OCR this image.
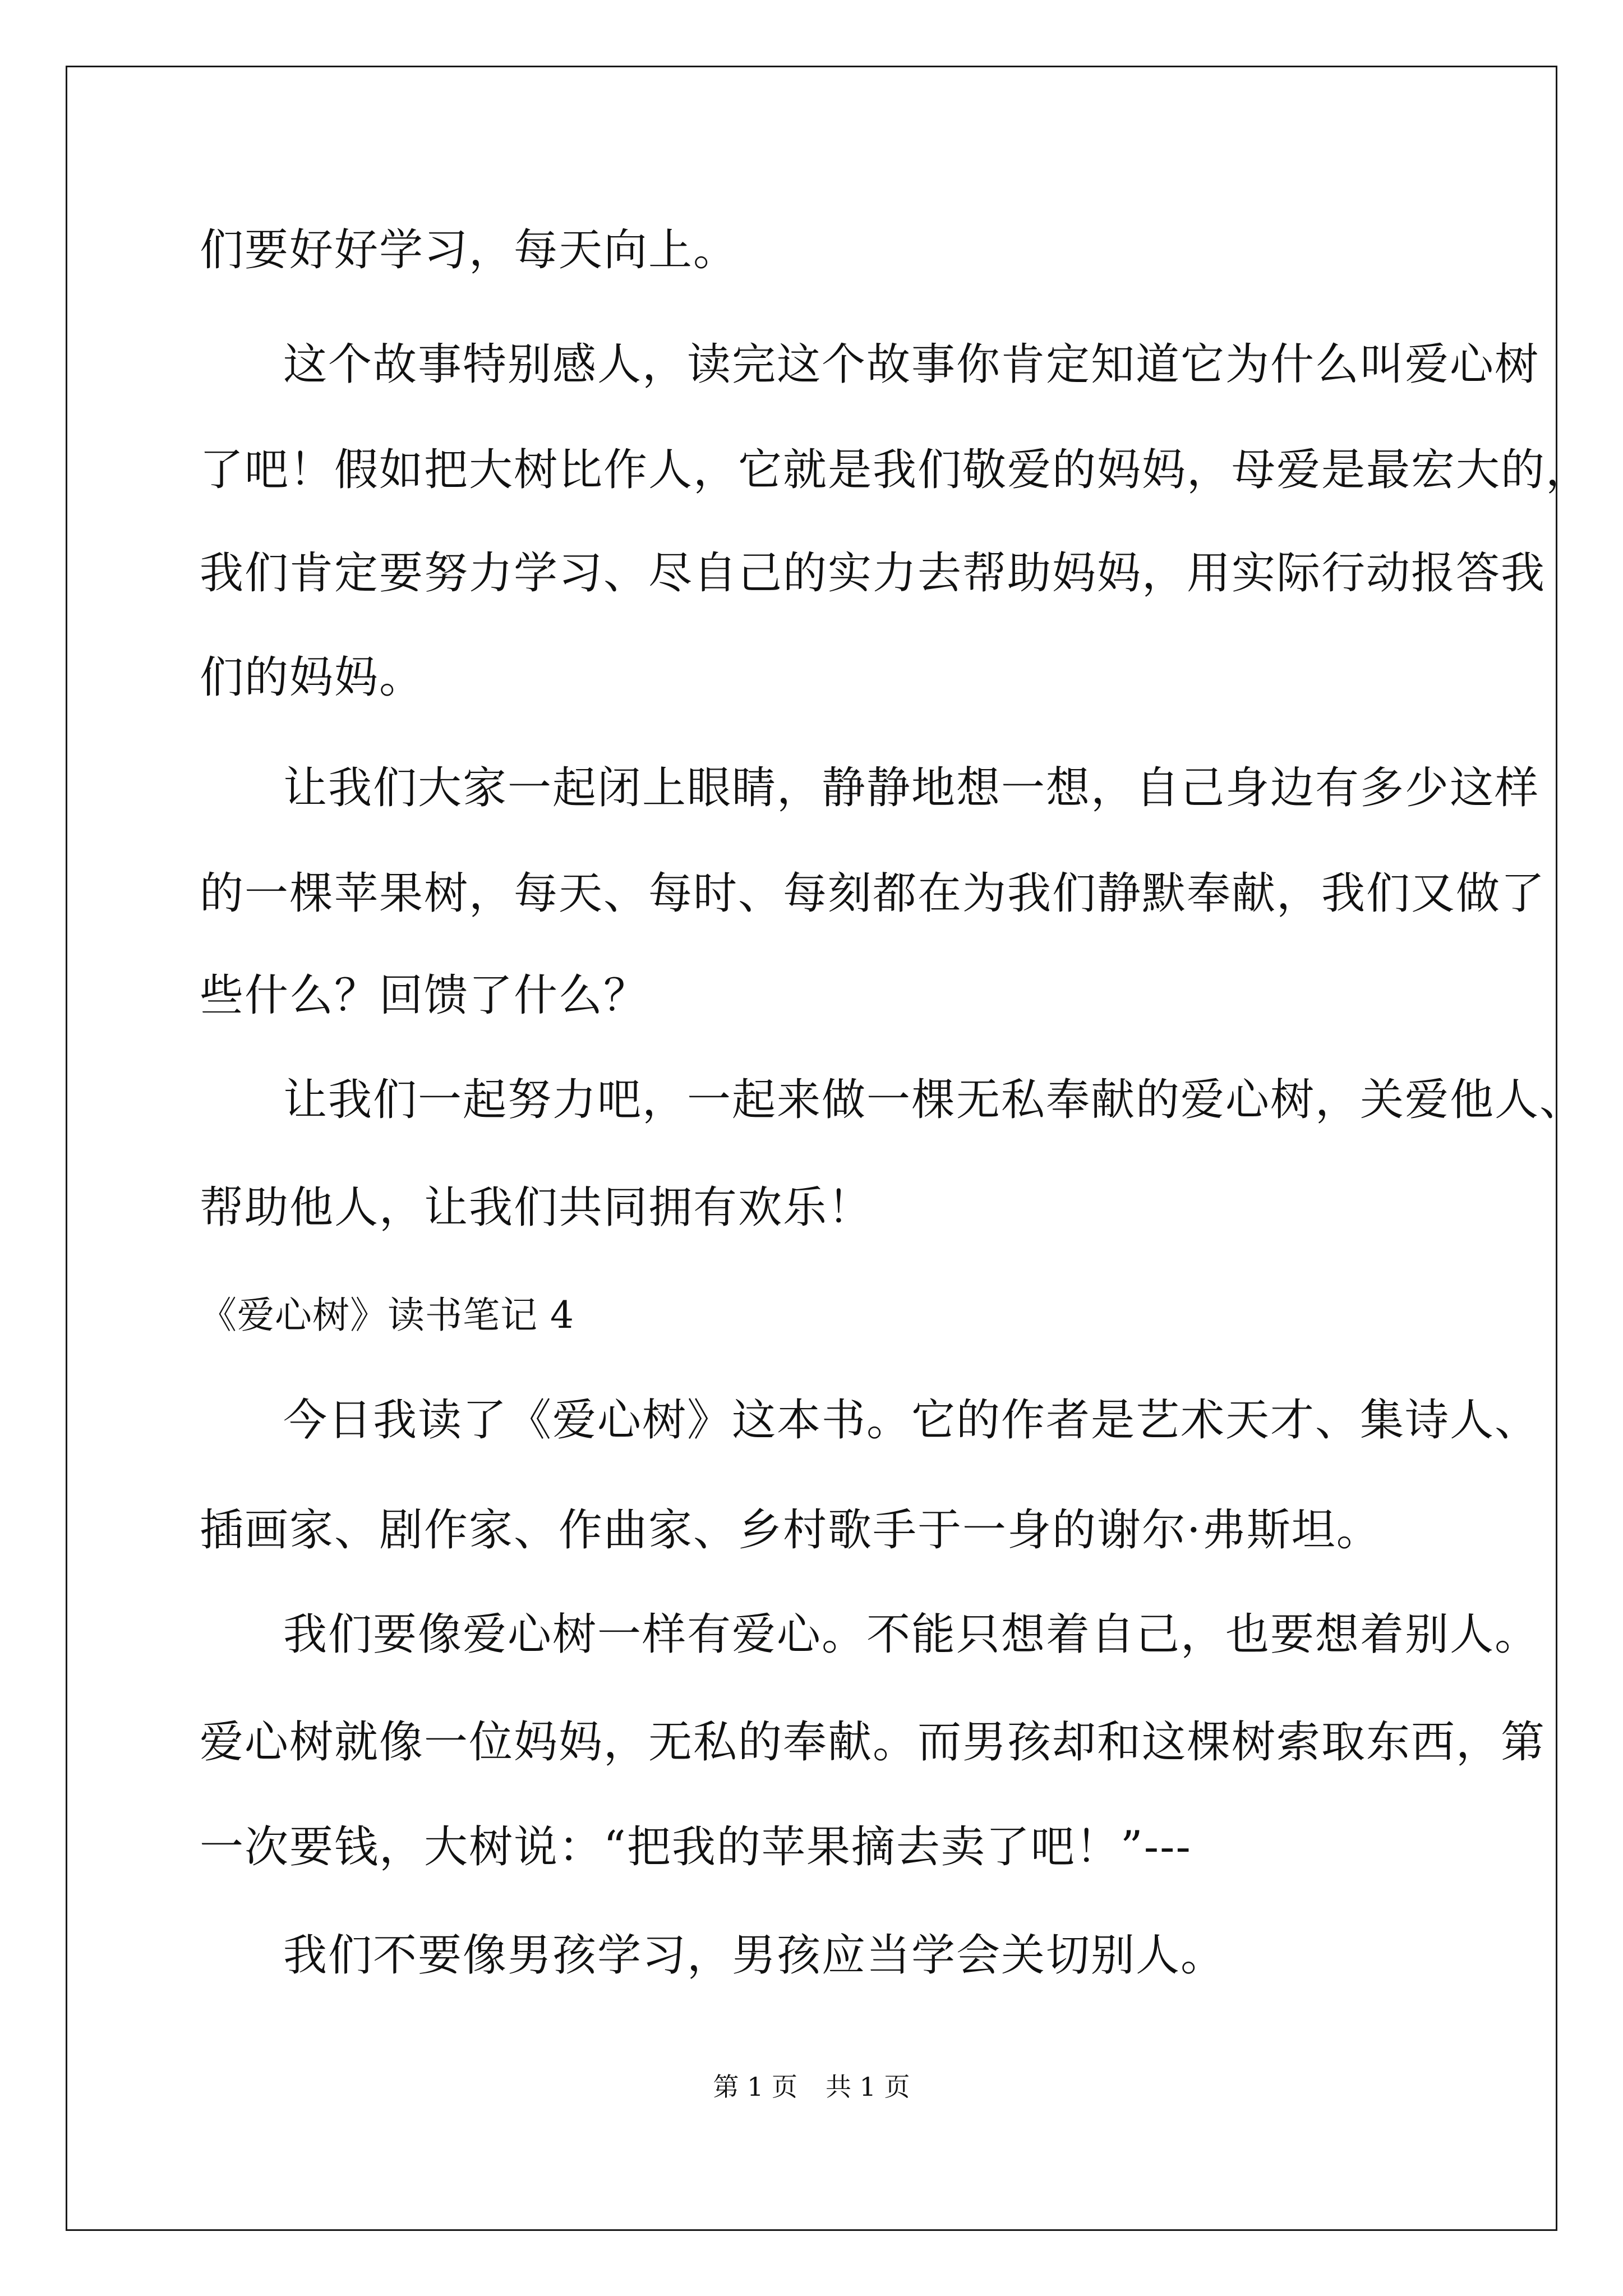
们要好好学习，每天向上。
这个故事特别感人，读完这个故事你肯定知道它为什么叫爱心树
了吧！假如把大树比作人，它就是我们敬爱的妈妈，母爱是最宏大的，
我们肯定要努力学习、尽自己的实力去帮助妈妈，用实际行动报答我
们的妈妈。
让我们大家一起闭上眼睛，静静地想一想，自己身边有多少这样
的一棵苹果树，每天、每时、每刻都在为我们静默奉献，我们又做了
些什么？回馈了什么？
让我们一起努力吧，一起来做一棵无私奉献的爱心树，关爱他人、
帮助他人，让我们共同拥有欢乐！
《爱心树》读书笔记 4
今日我读了《爱心树》这本书。它的作者是艺术天才、集诗人、
插画家、剧作家、作曲家、乡村歌手于一身的谢尔·弗斯坦。
我们要像爱心树一样有爱心。不能只想着自己，也要想着别人。
爱心树就像一位妈妈，无私的奉献。而男孩却和这棵树索取东西，第
一次要钱，大树说：“把我的苹果摘去卖了吧！”---
我们不要像男孩学习，男孩应当学会关切别人。
第 1 页 共 1 页
